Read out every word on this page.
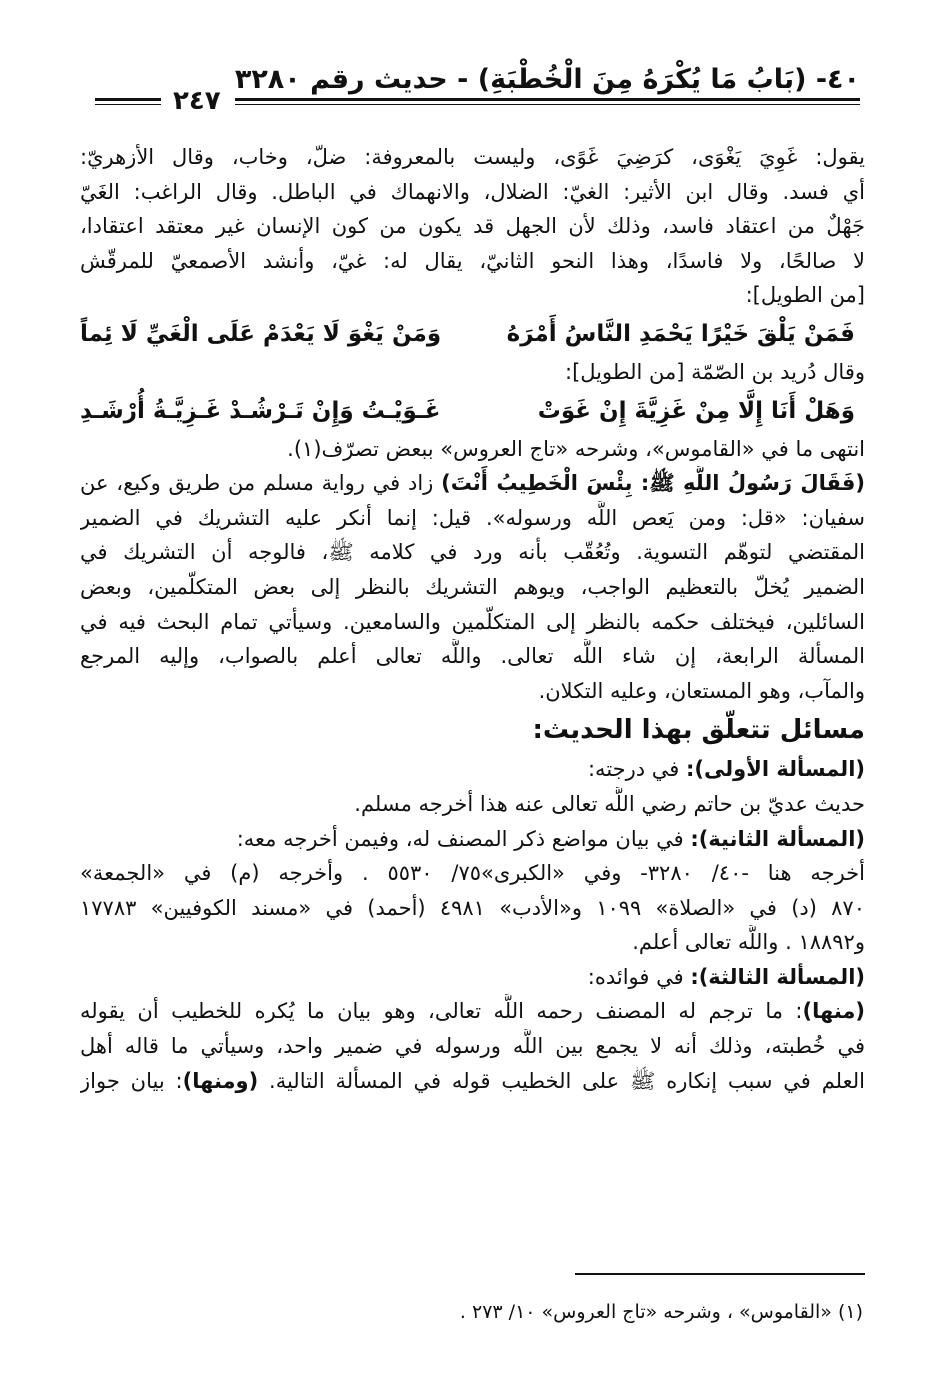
٤٠- (بَابُ مَا يُكْرَهُ مِنَ الْخُطْبَةِ) - حديث رقم ٣٢٨٠
٢٤٧
يقول: غَوِيَ يَغْوَى، كرَضِيَ غَوًى، وليست بالمعروفة: ضلّ، وخاب، وقال الأزهريّ:
أي فسد. وقال ابن الأثير: الغيّ: الضلال، والانهماك في الباطل. وقال الراغب: الغَيّ
جَهْلٌ من اعتقاد فاسد، وذلك لأن الجهل قد يكون من كون الإنسان غير معتقد اعتقادا،
لا صالحًا، ولا فاسدًا، وهذا النحو الثانيّ، يقال له: غيّ، وأنشد الأصمعيّ للمرقّش
[من الطويل]:
فَمَنْ يَلْقَ خَيْرًا يَحْمَدِ النَّاسُ أَمْرَهُ
وَمَنْ يَغْوَ لَا يَعْدَمْ عَلَى الْغَيِّ لَا ئِماً
وقال دُريد بن الصّمّة [من الطويل]:
وَهَلْ أَنَا إِلَّا مِنْ غَزِيَّةَ إِنْ غَوَتْ
غَـوَيْـتُ وَإِنْ تَـرْشُـدْ غَـزِيَّـةُ أُرْشَـدِ
انتهى ما في «القاموس»، وشرحه «تاج العروس» ببعض تصرّف(١).
(فَقَالَ رَسُولُ اللَّهِ ﷺ: بِئْسَ الْخَطِيبُ أَنْتَ) زاد في رواية مسلم من طريق وكيع، عن
سفيان: «قل: ومن يَعص اللَّه ورسوله». قيل: إنما أنكر عليه التشريك في الضمير
المقتضي لتوهّم التسوية. وتُعُقّب بأنه ورد في كلامه ﷺ، فالوجه أن التشريك في
الضمير يُخلّ بالتعظيم الواجب، ويوهم التشريك بالنظر إلى بعض المتكلّمين، وبعض
السائلين، فيختلف حكمه بالنظر إلى المتكلّمين والسامعين. وسيأتي تمام البحث فيه في
المسألة الرابعة، إن شاء اللَّه تعالى. واللَّه تعالى أعلم بالصواب، وإليه المرجع
والمآب، وهو المستعان، وعليه التكلان.
مسائل تتعلّق بهذا الحديث:
(المسألة الأولى): في درجته:
حديث عديّ بن حاتم رضي اللَّه تعالى عنه هذا أخرجه مسلم.
(المسألة الثانية): في بيان مواضع ذكر المصنف له، وفيمن أخرجه معه:
أخرجه هنا -٤٠/ ٣٢٨٠- وفي «الكبرى»٧٥/ ٥٥٣٠ . وأخرجه (م) في «الجمعة»
٨٧٠ (د) في «الصلاة» ١٠٩٩ و«الأدب» ٤٩٨١ (أحمد) في «مسند الكوفيين» ١٧٧٨٣
و١٨٨٩٢ . واللَّه تعالى أعلم.
(المسألة الثالثة): في فوائده:
(منها): ما ترجم له المصنف رحمه اللَّه تعالى، وهو بيان ما يُكره للخطيب أن يقوله
في خُطبته، وذلك أنه لا يجمع بين اللَّه ورسوله في ضمير واحد، وسيأتي ما قاله أهل
العلم في سبب إنكاره ﷺ على الخطيب قوله في المسألة التالية. (ومنها): بيان جواز
(١) «القاموس» ، وشرحه «تاج العروس» ١٠/ ٢٧٣ .
